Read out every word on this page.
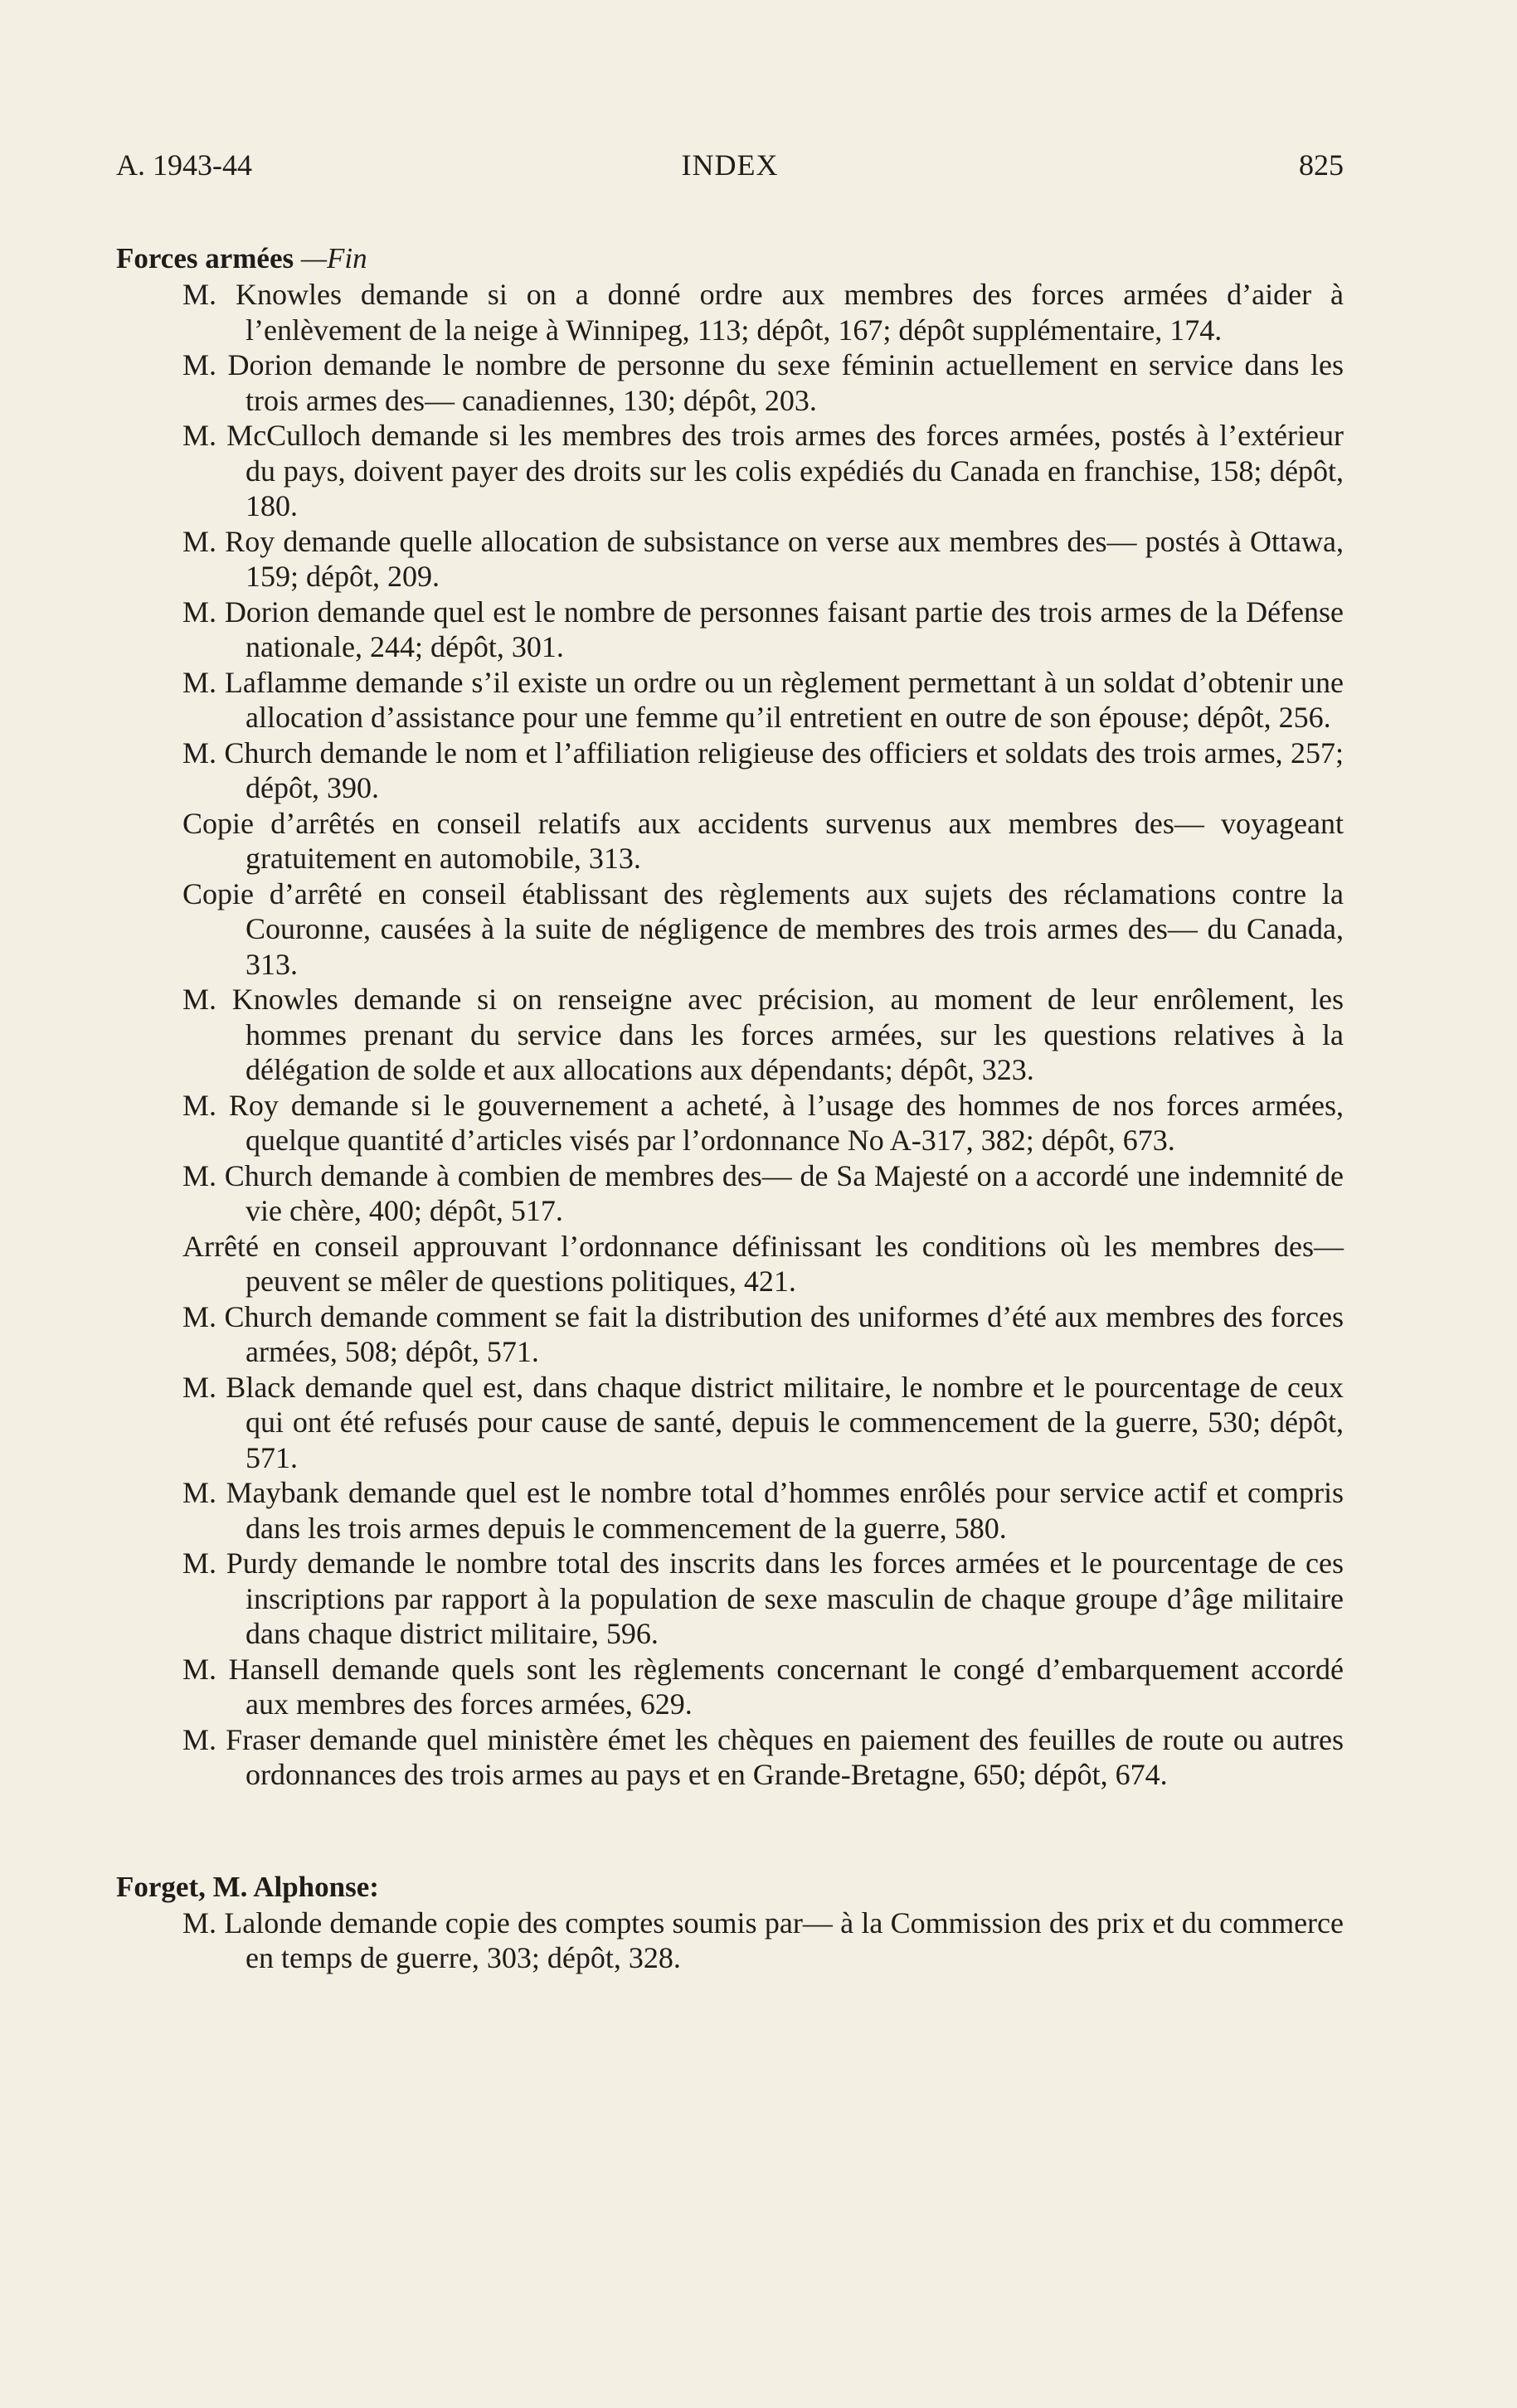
INDEX
A. 1943-44	825

Forces armées —Fin

M. Knowles demande si on a donné ordre aux membres des forces armées d’aider à l’enlèvement de la neige à Winnipeg, 113; dépôt, 167; dépôt supplémentaire, 174.

M. Dorion demande le nombre de personne du sexe féminin actuellement en service dans les trois armes des— canadiennes, 130; dépôt, 203.

M. McCulloch demande si les membres des trois armes des forces armées, postés à l’extérieur du pays, doivent payer des droits sur les colis expédiés du Canada en franchise, 158; dépôt, 180.

M. Roy demande quelle allocation de subsistance on verse aux membres des— postés à Ottawa, 159; dépôt, 209.

M. Dorion demande quel est le nombre de personnes faisant partie des trois armes de la Défense nationale, 244; dépôt, 301.

M. Laflamme demande s’il existe un ordre ou un règlement permettant à un soldat d’obtenir une allocation d’assistance pour une femme qu’il entretient en outre de son épouse; dépôt, 256.

M. Church demande le nom et l’affiliation religieuse des officiers et soldats des trois armes, 257; dépôt, 390.

Copie d’arrêtés en conseil relatifs aux accidents survenus aux membres des— voyageant gratuitement en automobile, 313.

Copie d’arrêté en conseil établissant des règlements aux sujets des réclamations contre la Couronne, causées à la suite de négligence de membres des trois armes des— du Canada, 313.

M. Knowles demande si on renseigne avec précision, au moment de leur enrôlement, les hommes prenant du service dans les forces armées, sur les questions relatives à la délégation de solde et aux allocations aux dépendants; dépôt, 323.

M. Roy demande si le gouvernement a acheté, à l’usage des hommes de nos forces armées, quelque quantité d’articles visés par l’ordonnance No A-317, 382; dépôt, 673.

M. Church demande à combien de membres des— de Sa Majesté on a accordé une indemnité de vie chère, 400; dépôt, 517.

Arrêté en conseil approuvant l’ordonnance définissant les conditions où les membres des— peuvent se mêler de questions politiques, 421.

M. Church demande comment se fait la distribution des uniformes d’été aux membres des forces armées, 508; dépôt, 571.

M. Black demande quel est, dans chaque district militaire, le nombre et le pourcentage de ceux qui ont été refusés pour cause de santé, depuis le commencement de la guerre, 530; dépôt, 571.

M. Maybank demande quel est le nombre total d’hommes enrôlés pour service actif et compris dans les trois armes depuis le commencement de la guerre, 580.

M. Purdy demande le nombre total des inscrits dans les forces armées et le pourcentage de ces inscriptions par rapport à la population de sexe masculin de chaque groupe d’âge militaire dans chaque district militaire, 596.

M. Hansell demande quels sont les règlements concernant le congé d’embarquement accordé aux membres des forces armées, 629.

M. Fraser demande quel ministère émet les chèques en paiement des feuilles de route ou autres ordonnances des trois armes au pays et en Grande-Bretagne, 650; dépôt, 674.

Forget, M. Alphonse:

M. Lalonde demande copie des comptes soumis par— à la Commission des prix et du commerce en temps de guerre, 303; dépôt, 328.
